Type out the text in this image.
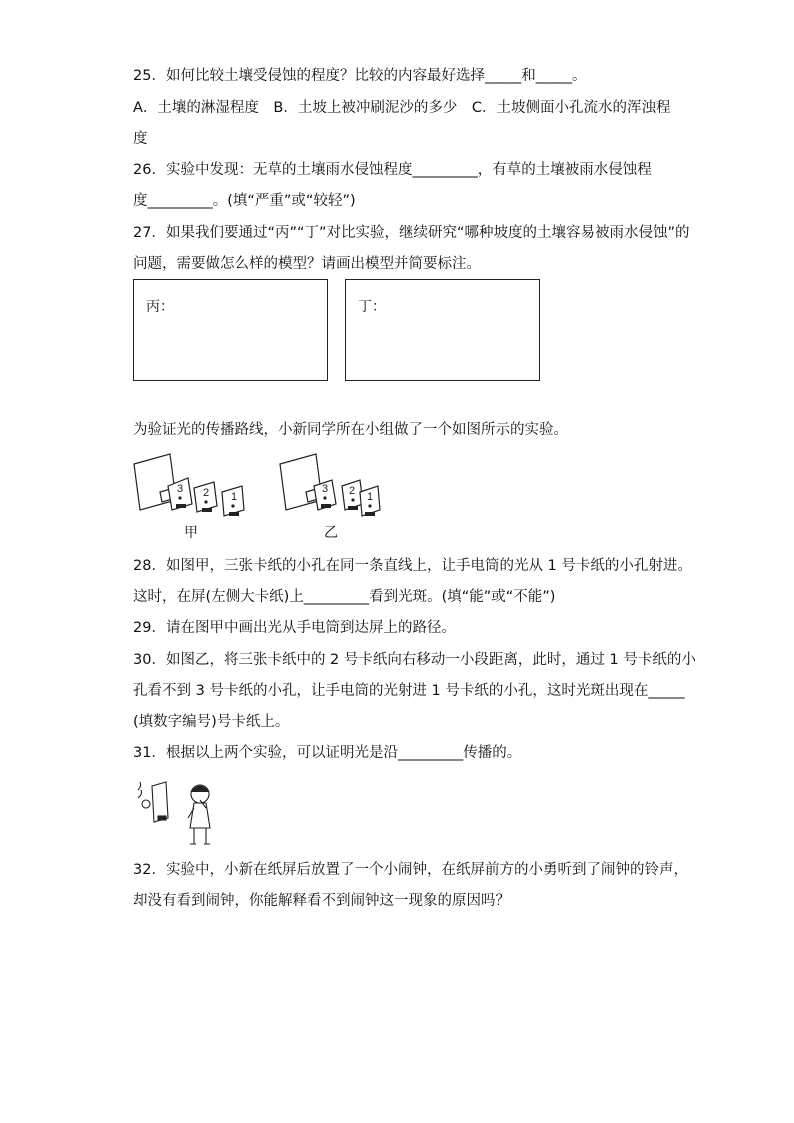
25．如何比较土壤受侵蚀的程度？比较的内容最好选择_____和_____。
A．土壤的淋湿程度　B．土坡上被冲刷泥沙的多少　C．土坡侧面小孔流水的浑浊程
度
26．实验中发现：无草的土壤雨水侵蚀程度_________，有草的土壤被雨水侵蚀程
度_________。(填“严重”或“较轻”)
27．如果我们要通过“丙”“丁”对比实验，继续研究“哪种坡度的土壤容易被雨水侵蚀”的
问题，需要做怎么样的模型？请画出模型并简要标注。
丙：	丁：
为验证光的传播路线，小新同学所在小组做了一个如图所示的实验。
3 2 1
甲
3 2 1
乙
28．如图甲，三张卡纸的小孔在同一条直线上，让手电筒的光从 1 号卡纸的小孔射进。
这时，在屏(左侧大卡纸)上_________看到光斑。(填“能”或“不能”)
29．请在图甲中画出光从手电筒到达屏上的路径。
30．如图乙，将三张卡纸中的 2 号卡纸向右移动一小段距离，此时，通过 1 号卡纸的小
孔看不到 3 号卡纸的小孔，让手电筒的光射进 1 号卡纸的小孔，这时光斑出现在_____
(填数字编号)号卡纸上。
31．根据以上两个实验，可以证明光是沿_________传播的。
32．实验中，小新在纸屏后放置了一个小闹钟，在纸屏前方的小勇听到了闹钟的铃声，
却没有看到闹钟，你能解释看不到闹钟这一现象的原因吗？
